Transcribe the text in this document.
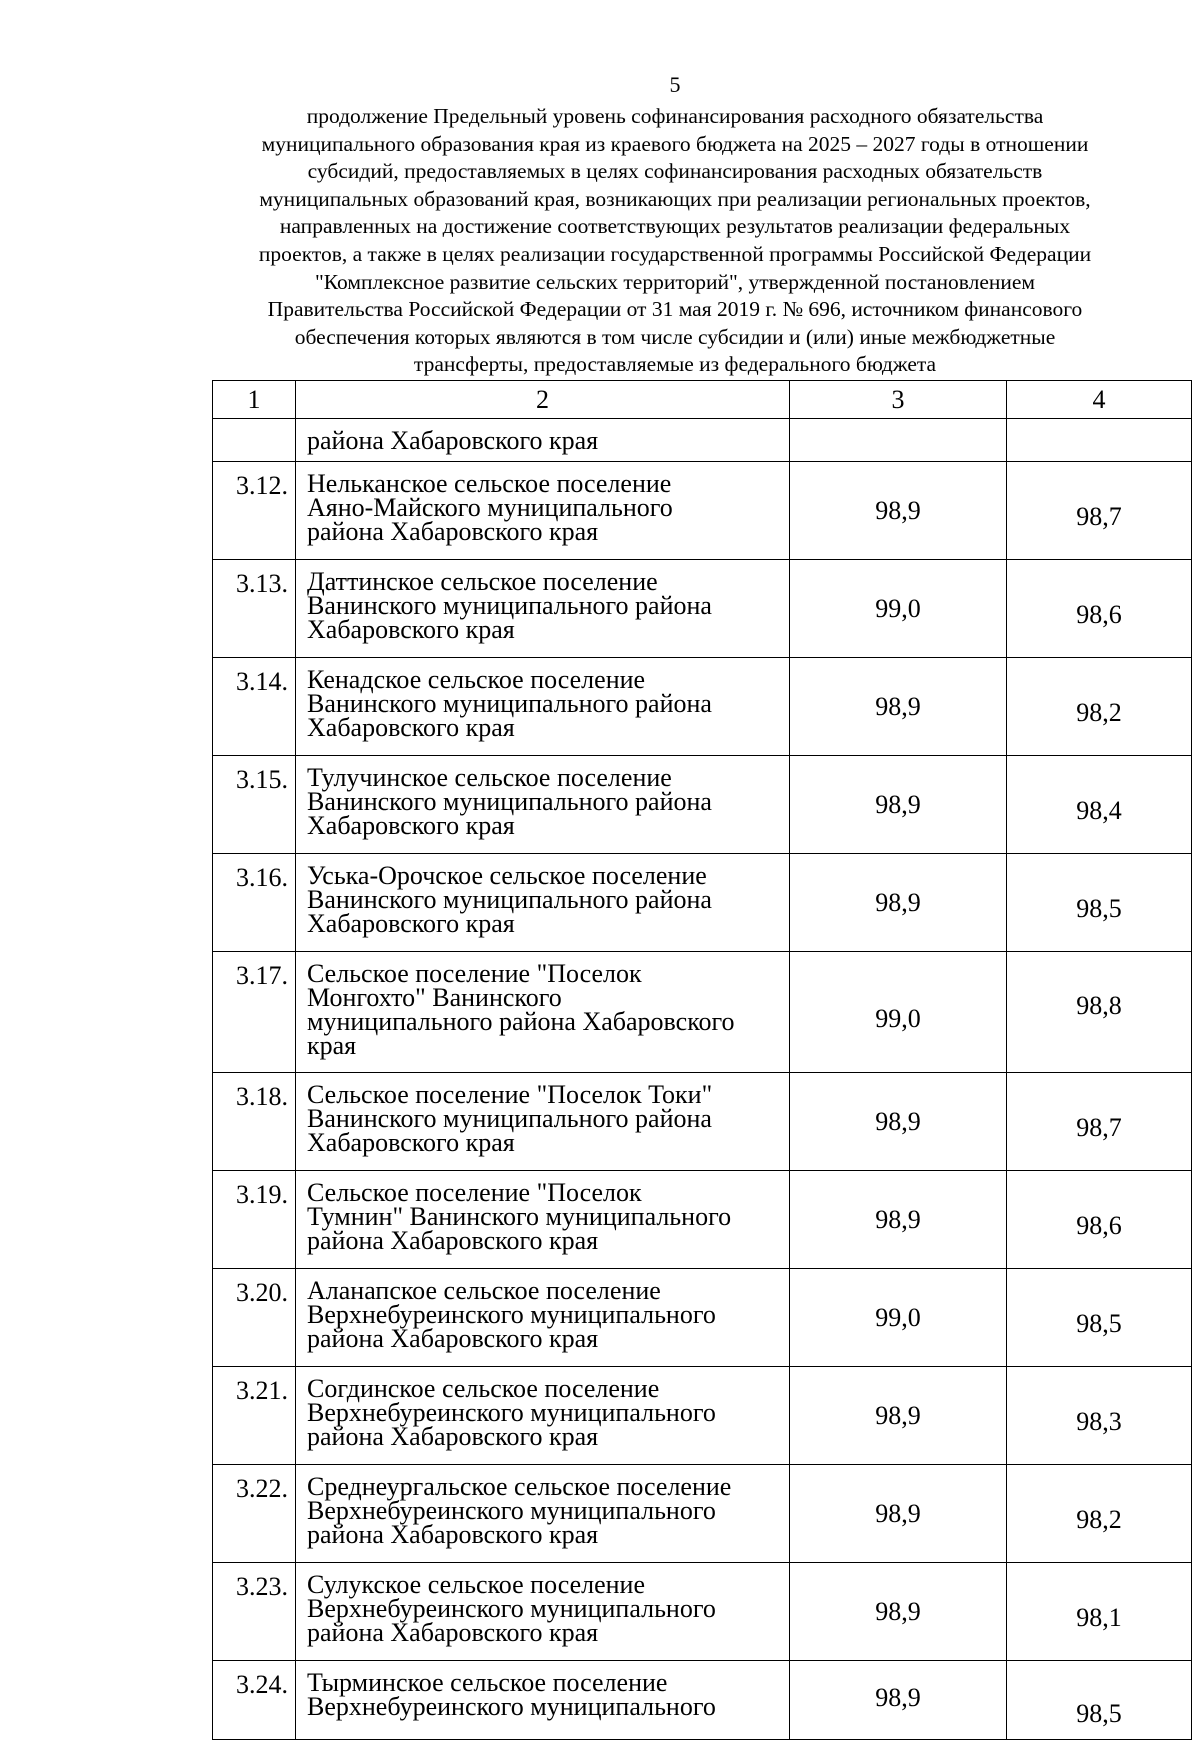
5
продолжение Предельный уровень софинансирования расходного обязательства
муниципального образования края из краевого бюджета на 2025 – 2027 годы в отношении
субсидий, предоставляемых в целях софинансирования расходных обязательств
муниципальных образований края, возникающих при реализации региональных проектов,
направленных на достижение соответствующих результатов реализации федеральных
проектов, а также в целях реализации государственной программы Российской Федерации
"Комплексное развитие сельских территорий", утвержденной постановлением
Правительства Российской Федерации от 31 мая 2019 г. № 696, источником финансового
обеспечения которых являются в том числе субсидии и (или) иные межбюджетные
трансферты, предоставляемые из федерального бюджета
1	2	3	4
	района Хабаровского края		
3.12.	Нельканское сельское поселение
Аяно-Майского муниципального
района Хабаровского края	98,9	98,7

3.13.	Даттинское сельское поселение
Ванинского муниципального района
Хабаровского края	99,0	98,6

3.14.	Кенадское сельское поселение
Ванинского муниципального района
Хабаровского края	98,9	98,2

3.15.	Тулучинское сельское поселение
Ванинского муниципального района
Хабаровского края	98,9	98,4

3.16.	Уська-Орочское сельское поселение
Ванинского муниципального района
Хабаровского края	98,9	98,5

3.17.	Сельское поселение "Поселок
Монгохто" Ванинского
муниципального района Хабаровского
края	99,0	98,8

3.18.	Сельское поселение "Поселок Токи"
Ванинского муниципального района
Хабаровского края	98,9	98,7

3.19.	Сельское поселение "Поселок
Тумнин" Ванинского муниципального
района Хабаровского края	98,9	98,6

3.20.	Аланапское сельское поселение
Верхнебуреинского муниципального
района Хабаровского края	99,0	98,5

3.21.	Согдинское сельское поселение
Верхнебуреинского муниципального
района Хабаровского края	98,9	98,3

3.22.	Среднеургальское сельское поселение
Верхнебуреинского муниципального
района Хабаровского края	98,9	98,2

3.23.	Сулукское сельское поселение
Верхнебуреинского муниципального
района Хабаровского края	98,9	98,1

3.24.	Тырминское сельское поселение
Верхнебуреинского муниципального	98,9	98,5
